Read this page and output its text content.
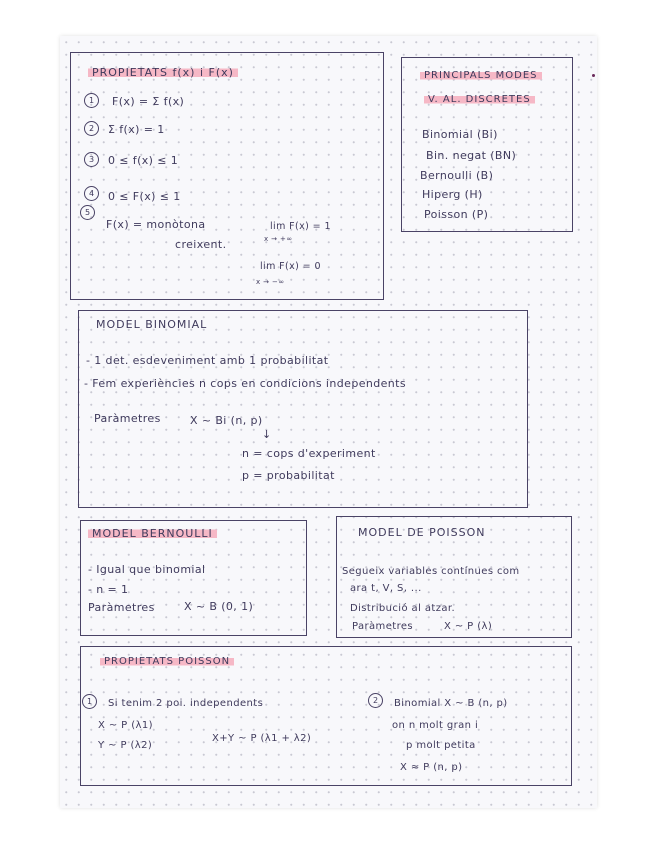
PROPIETATS f(x) i F(x)
1	F(x) = Σ f(x)
2	Σ f(x) = 1
3	0 ≤ f(x) ≤ 1
4	0 ≤ F(x) ≤ 1
5
F(x) = monòtona
creixent.
lim F(x) = 1
x → +∞
lim F(x) = 0
x → −∞
PRINCIPALS MODES
V. AL. DISCRETES
Binomial (Bi)
Bin. negat (BN)
Bernoulli (B)
Hiperg (H)
Poisson (P)
MODEL BINOMIAL
- 1 det. esdeveniment amb 1 probabilitat
- Fem experiències n cops en condicions independents
Paràmetres	X ~ Bi (n, p)
↓
n = cops d'experiment
p = probabilitat
MODEL BERNOULLI
- Igual que binomial
- n = 1
Paràmetres	X ~ B (0, 1)
MODEL DE POISSON
Segueix variables contínues com
ara t, V, S, ...
Distribució al atzar.
Paràmetres	X ~ P (λ)
PROPIETATS POISSON
1	Si tenim 2 poi. independents
X ~ P (λ1)
Y ~ P (λ2)
X+Y ~ P (λ1 + λ2)
2	Binomial X ~ B (n, p)
on n molt gran i
p molt petita
X ≈ P (n, p)
